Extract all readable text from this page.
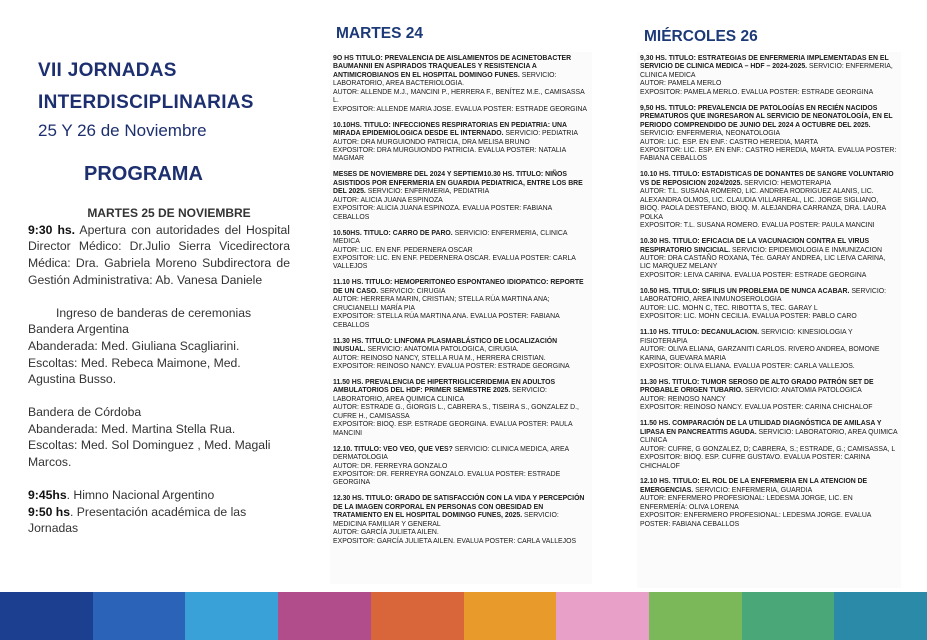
VII JORNADAS
INTERDISCIPLINARIAS
25 Y 26 de Noviembre
PROGRAMA
MARTES 25 DE NOVIEMBRE
9:30 hs. Apertura con autoridades del Hospital Director Médico: Dr.Julio Sierra Vicedirectora Médica: Dra. Gabriela Moreno Subdirectora de Gestión Administrativa: Ab. Vanesa Daniele
Ingreso de banderas de ceremonias
Bandera Argentina
Abanderada: Med. Giuliana Scagliarini.
Escoltas: Med. Rebeca Maimone, Med. Agustina Busso.
Bandera de Córdoba
Abanderada: Med. Martina Stella Rua.
Escoltas: Med. Sol Dominguez , Med. Magali Marcos.
9:45hs. Himno Nacional Argentino
9:50 hs. Presentación académica de las Jornadas
MARTES 24	MIÉRCOLES 26
9O HS TITULO: PREVALENCIA DE AISLAMIENTOS DE ACINETOBACTER BAUMANNII EN ASPIRADOS TRAQUEALES Y RESISTENCIA A ANTIMICROBIANOS EN EL HOSPITAL DOMINGO FUNES. SERVICIO: LABORATORIO, AREA BACTERIOLOGIA.
AUTOR: ALLENDE M.J., MANCINI P., HERRERA F., BENÍTEZ M.E., CAMISASSA L.
EXPOSITOR: ALLENDE MARIA JOSE. EVALUA POSTER: ESTRADE GEORGINA
10.10HS. TITULO: INFECCIONES RESPIRATORIAS EN PEDIATRIA: UNA MIRADA EPIDEMIOLOGICA DESDE EL INTERNADO. SERVICIO: PEDIATRIA
AUTOR: DRA MURGUIONDO PATRICIA, DRA MELISA BRUNO
EXPOSITOR: DRA MURGUIONDO PATRICIA. EVALUA POSTER: NATALIA MAGMAR
MESES DE NOVIEMBRE DEL 2024 Y SEPTIEM10.30 HS. TITULO: NIÑOS ASISTIDOS POR ENFERMERIA EN GUARDIA PEDIATRICA, ENTRE LOS BRE DEL 2025. SERVICIO: ENFERMERIA, PEDIATRIA
AUTOR: ALICIA JUANA ESPINOZA
EXPOSITOR: ALICIA JUANA ESPINOZA. EVALUA POSTER: FABIANA CEBALLOS
10.50HS. TITULO: CARRO DE PARO. SERVICIO: ENFERMERIA, CLINICA MEDICA
AUTOR: LIC. EN ENF. PEDERNERA OSCAR
EXPOSITOR: LIC. EN ENF. PEDERNERA OSCAR. EVALUA POSTER: CARLA VALLEJOS
11.10 HS. TITULO: HEMOPERITONEO ESPONTANEO IDIOPATICO: REPORTE DE UN CASO. SERVICIO: CIRUGIA
AUTOR: HERRERA MARIN, CRISTIAN; STELLA RÚA MARTINA ANA; CRUCIANELLI MARÍA PIA
EXPOSITOR: STELLA RÚA MARTINA ANA. EVALUA POSTER: FABIANA CEBALLOS
11.30 HS. TITULO: LINFOMA PLASMABLÁSTICO DE LOCALIZACIÓN INUSUAL. SERVICIO: ANATOMIA PATOLOGICA, CIRUGIA.
AUTOR: REINOSO NANCY, STELLA RUA M., HERRERA CRISTIAN.
EXPOSITOR: REINOSO NANCY. EVALUA POSTER: ESTRADE GEORGINA
11.50 HS. PREVALENCIA DE HIPERTRIGLICERIDEMIA EN ADULTOS AMBULATORIOS DEL HDF: PRIMER SEMESTRE 2025. SERVICIO: LABORATORIO, AREA QUIMICA CLINICA
AUTOR: ESTRADE G., GIORGIS L., CABRERA S., TISEIRA S., GONZALEZ D., CUFRE H., CAMISASSA
EXPOSITOR: BIOQ. ESP. ESTRADE GEORGINA. EVALUA POSTER: PAULA MANCINI
12.10. TITULO: VEO VEO, QUE VES? SERVICIO: CLINICA MEDICA, AREA DERMATOLOGIA
AUTOR: DR. FERREYRA GONZALO
EXPOSITOR: DR. FERREYRA GONZALO. EVALUA POSTER: ESTRADE GEORGINA
12.30 HS. TITULO: GRADO DE SATISFACCIÓN CON LA VIDA Y PERCEPCIÓN DE LA IMAGEN CORPORAL EN PERSONAS CON OBESIDAD EN TRATAMIENTO EN EL HOSPITAL DOMINGO FUNES, 2025. SERVICIO: MEDICINA FAMILIAR Y GENERAL
AUTOR: GARCÍA JULIETA AILEN.
EXPOSITOR: GARCÍA JULIETA AILEN. EVALUA POSTER: CARLA VALLEJOS
9,30 HS. TITULO: ESTRATEGIAS DE ENFERMERIA IMPLEMENTADAS EN EL SERVICIO DE CLINICA MEDICA – HDF – 2024-2025. SERVICIO: ENFERMERIA, CLINICA MEDICA
AUTOR: PAMELA MERLO
EXPOSITOR: PAMELA MERLO. EVALUA POSTER: ESTRADE GEORGINA
9,50 HS. TITULO: PREVALENCIA DE PATOLOGÍAS EN RECIÉN NACIDOS PREMATUROS QUE INGRESARON AL SERVICIO DE NEONATOLOGÍA, EN EL PERIODO COMPRENDIDO DE JUNIO DEL 2024 A OCTUBRE DEL 2025. SERVICIO: ENFERMERIA, NEONATOLOGIA
AUTOR: LIC. ESP. EN ENF.: CASTRO HEREDIA, MARTA
EXPOSITOR: LIC. ESP. EN ENF.: CASTRO HEREDIA, MARTA. EVALUA POSTER: FABIANA CEBALLOS
10.10 HS. TITULO: ESTADISTICAS DE DONANTES DE SANGRE VOLUNTARIO VS DE REPOSICION 2024/2025. SERVICIO: HEMOTERAPIA
AUTOR: T.L. SUSANA ROMERO, LIC. ANDREA RODRIGUEZ ALANIS, LIC. ALEXANDRA OLMOS, LIC. CLAUDIA VILLARREAL, LIC. JORGE SIGLIANO, BIOQ. PAOLA DESTEFANO, BIOQ. M. ALEJANDRA CARRANZA, DRA. LAURA POLKA
EXPOSITOR: T.L. SUSANA ROMERO. EVALUA POSTER: PAULA MANCINI
10.30 HS. TITULO: EFICACIA DE LA VACUNACION CONTRA EL VIRUS RESPIRATORIO SINCICIAL. SERVICIO: EPIDEMIOLOGIA E INMUNIZACION
AUTOR: DRA CASTAÑO ROXANA, Téc. GARAY ANDREA, LIC LEIVA CARINA, LIC MARQUEZ MELANY
EXPOSITOR: LEIVA CARINA. EVALUA POSTER: ESTRADE GEORGINA
10.50 HS. TITULO: SIFILIS UN PROBLEMA DE NUNCA ACABAR. SERVICIO: LABORATORIO, AREA INMUNOSEROLOGIA
AUTOR: LIC. MOHN C, TEC. RIBOTTA S, TEC. GARAY L
EXPOSITOR: LIC. MOHN CECILIA. EVALUA POSTER: PABLO CARO
11.10 HS. TITULO: DECANULACION. SERVICIO: KINESIOLOGIA Y FISIOTERAPIA
AUTOR: OLIVA ELIANA, GARZANITI CARLOS. RIVERO ANDREA, BOMONE KARINA, GUEVARA MARIA
EXPOSITOR: OLIVA ELIANA. EVALUA POSTER: CARLA VALLEJOS.
11.30 HS. TITULO: TUMOR SEROSO DE ALTO GRADO PATRÓN SET DE PROBABLE ORIGEN TUBARIO. SERVICIO: ANATOMIA PATOLOGICA
AUTOR: REINOSO NANCY
EXPOSITOR: REINOSO NANCY. EVALUA POSTER: CARINA CHICHALOF
11.50 HS. COMPARACIÓN DE LA UTILIDAD DIAGNÓSTICA DE AMILASA Y LIPASA EN PANCREATITIS AGUDA. SERVICIO: LABORATORIO, AREA QUIMICA CLINICA
AUTOR: CUFRE, G GONZALEZ, D; CABRERA, S.; ESTRADE, G.; CAMISASSA, L
EXPOSITOR: BIOQ. ESP. CUFRE GUSTAVO. EVALUA POSTER: CARINA CHICHALOF
12.10 HS. TITULO: EL ROL DE LA ENFERMERIA EN LA ATENCION DE EMERGENCIAS. SERVICIO: ENFERMERIA, GUARDIA
AUTOR: ENFERMERO PROFESIONAL: LEDESMA JORGE, LIC. EN ENFERMERÍA: OLIVA LORENA
EXPOSITOR: ENFERMERO PROFESIONAL: LEDESMA JORGE. EVALUA POSTER: FABIANA CEBALLOS
